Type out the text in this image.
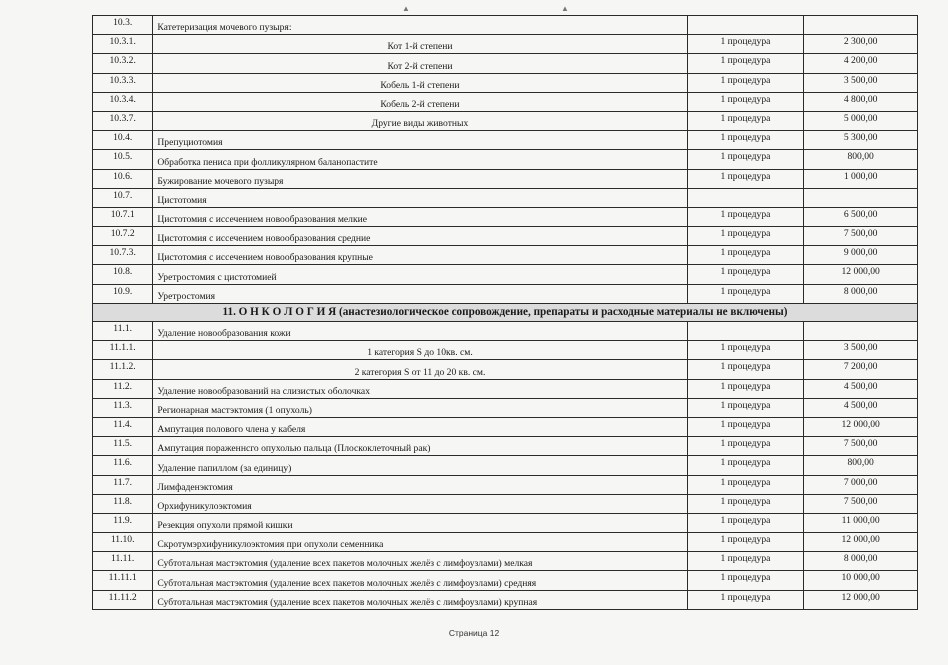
▲	▲
10.3.	Катетеризация мочевого пузыря:		
10.3.1.	Кот 1-й степени	1 процедура	2 300,00
10.3.2.	Кот 2-й степени	1 процедура	4 200,00
10.3.3.	Кобель 1-й степени	1 процедура	3 500,00
10.3.4.	Кобель 2-й степени	1 процедура	4 800,00
10.3.7.	Другие виды животных	1 процедура	5 000,00
10.4.	Препуциотомия	1 процедура	5 300,00
10.5.	Обработка пениса при фолликулярном баланопастите	1 процедура	800,00
10.6.	Бужирование мочевого пузыря	1 процедура	1 000,00
10.7.	Цистотомия		
10.7.1	Цистотомия с иссечением новообразования мелкие	1 процедура	6 500,00
10.7.2	Цистотомия с иссечением новообразования средние	1 процедура	7 500,00
10.7.3.	Цистотомия с иссечением новообразования крупные	1 процедура	9 000,00
10.8.	Уретростомия с цистотомией	1 процедура	12 000,00
10.9.	Уретростомия	1 процедура	8 000,00
11. О Н К О Л О Г И Я (анастезиологическое сопровождение, препараты и расходные материалы не включены)			
11.1.	Удаление новообразования кожи		
11.1.1.	1 категория S до 10кв. см.	1 процедура	3 500,00
11.1.2.	2 категория S от 11 до 20 кв. см.	1 процедура	7 200,00
11.2.	Удаление новообразований на слизистых оболочках	1 процедура	4 500,00
11.3.	Регионарная мастэктомия (1 опухоль)	1 процедура	4 500,00
11.4.	Ампутация полового члена у кабеля	1 процедура	12 000,00
11.5.	Ампутация пораженнсго опухолью пальца (Плоскоклеточный рак)	1 процедура	7 500,00
11.6.	Удаление папиллом (за единицу)	1 процедура	800,00
11.7.	Лимфаденэктомия	1 процедура	7 000,00
11.8.	Орхифуникулоэктомия	1 процедура	7 500,00
11.9.	Резекция опухоли прямой кишки	1 процедура	11 000,00
11.10.	Скротумэрхифуникулоэктомия при опухоли семенника	1 процедура	12 000,00
11.11.	Субтотальная мастэктомия (удаление всех пакетов молочных желёз с лимфоузлами) мелкая	1 процедура	8 000,00
11.11.1	Субтотальная мастэктомия (удаление всех пакетов молочных желёз с лимфоузлами) средняя	1 процедура	10 000,00
11.11.2	Субтотальная мастэктомия (удаление всех пакетов молочных желёз с лимфоузлами) крупная	1 процедура	12 000,00
Страница 12
